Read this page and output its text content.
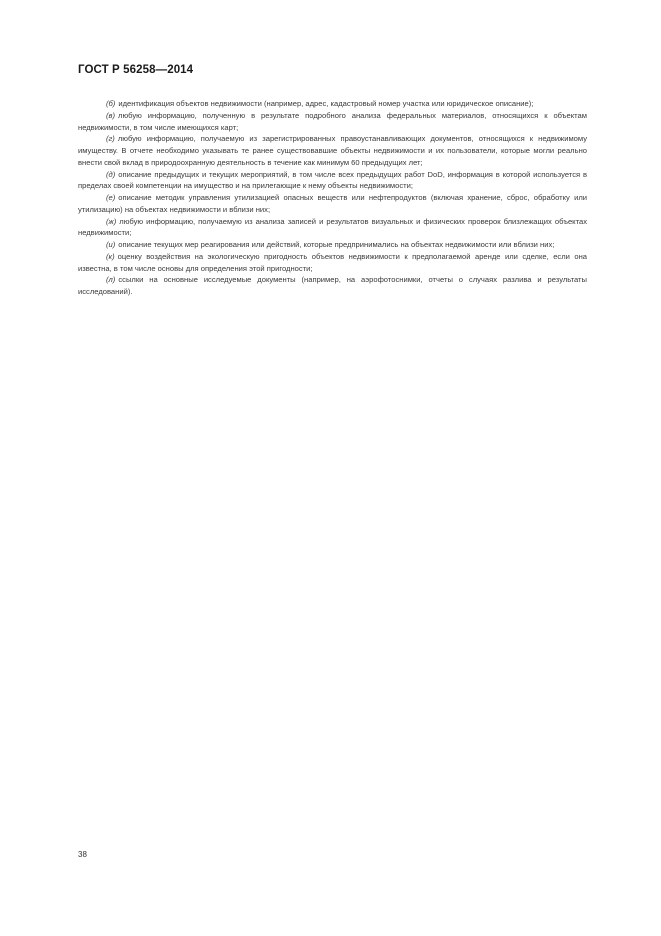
ГОСТ Р 56258—2014

(б) идентификация объектов недвижимости (например, адрес, кадастровый номер участка или юридическое описание);

(в) любую информацию, полученную в результате подробного анализа федеральных материалов, относящихся к объектам недвижимости, в том числе имеющихся карт;

(г) любую информацию, получаемую из зарегистрированных правоустанавливающих документов, относящихся к недвижимому имуществу. В отчете необходимо указывать те ранее существовавшие объекты недвижимости и их пользователи, которые могли реально внести свой вклад в природоохранную деятельность в течение как минимум 60 предыдущих лет;

(д) описание предыдущих и текущих мероприятий, в том числе всех предыдущих работ DoD, информация в которой используется в пределах своей компетенции на имущество и на прилегающие к нему объекты недвижимости;

(е) описание методик управления утилизацией опасных веществ или нефтепродуктов (включая хранение, сброс, обработку или утилизацию) на объектах недвижимости и вблизи них;

(ж) любую информацию, получаемую из анализа записей и результатов визуальных и физических проверок близлежащих объектах недвижимости;

(и) описание текущих мер реагирования или действий, которые предпринимались на объектах недвижимости или вблизи них;

(к) оценку воздействия на экологическую пригодность объектов недвижимости к предполагаемой аренде или сделке, если она известна, в том числе основы для определения этой пригодности;

(л) ссылки на основные исследуемые документы (например, на аэрофотоснимки, отчеты о случаях разлива и результаты исследований).

38
